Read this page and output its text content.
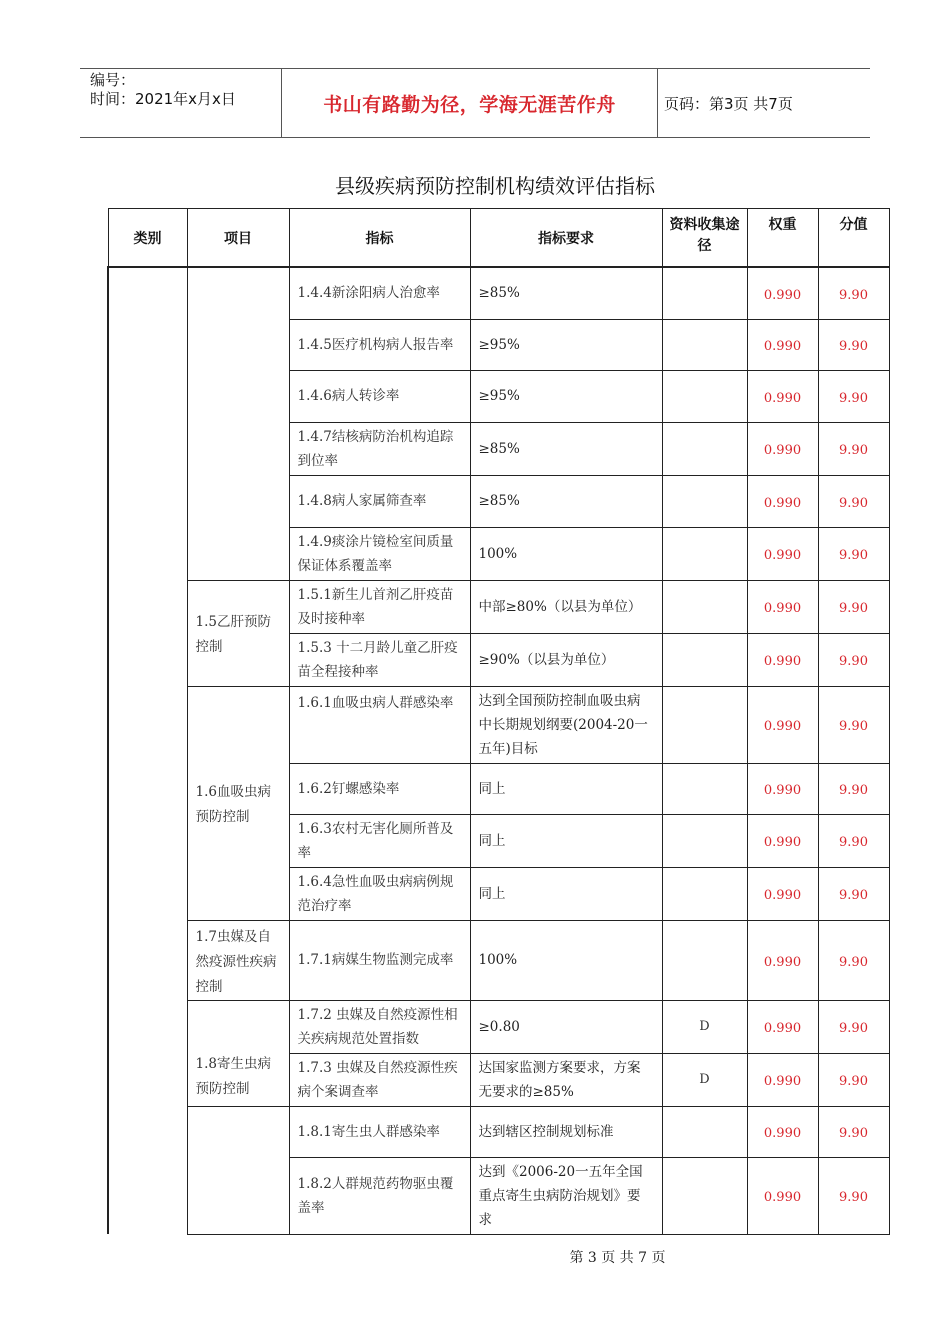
编号：
时间：2021年x月x日	书山有路勤为径，学海无涯苦作舟	页码：第3页 共7页
县级疾病预防控制机构绩效评估指标
类别	项目	指标	指标要求	资料收集途径	权重	分值
		1.4.4新涂阳病人治愈率	≥85%		0.990	9.90
		1.4.5医疗机构病人报告率	≥95%		0.990	9.90
		1.4.6病人转诊率	≥95%		0.990	9.90
		1.4.7结核病防治机构追踪到位率	≥85%		0.990	9.90
		1.4.8病人家属筛查率	≥85%		0.990	9.90
		1.4.9痰涂片镜检室间质量保证体系覆盖率	100%		0.990	9.90
	1.5乙肝预防控制	1.5.1新生儿首剂乙肝疫苗及时接种率	中部≥80%（以县为单位）		0.990	9.90
		1.5.3 十二月龄儿童乙肝疫苗全程接种率	≥90%（以县为单位）		0.990	9.90
	1.6血吸虫病预防控制	1.6.1血吸虫病人群感染率	达到全国预防控制血吸虫病中长期规划纲要(2004-20一五年)目标		0.990	9.90
		1.6.2钉螺感染率	同上		0.990	9.90
		1.6.3农村无害化厕所普及率	同上		0.990	9.90
		1.6.4急性血吸虫病病例规范治疗率	同上		0.990	9.90
	1.7虫媒及自然疫源性疾病控制	1.7.1病媒生物监测完成率	100%		0.990	9.90
	1.8寄生虫病预防控制	1.7.2 虫媒及自然疫源性相关疾病规范处置指数	≥0.80	D	0.990	9.90
		1.7.3 虫媒及自然疫源性疾病个案调查率	达国家监测方案要求，方案无要求的≥85%	D	0.990	9.90
		1.8.1寄生虫人群感染率	达到辖区控制规划标准		0.990	9.90
		1.8.2人群规范药物驱虫覆盖率	达到《2006-20一五年全国重点寄生虫病防治规划》要求		0.990	9.90
第 3 页 共 7 页
